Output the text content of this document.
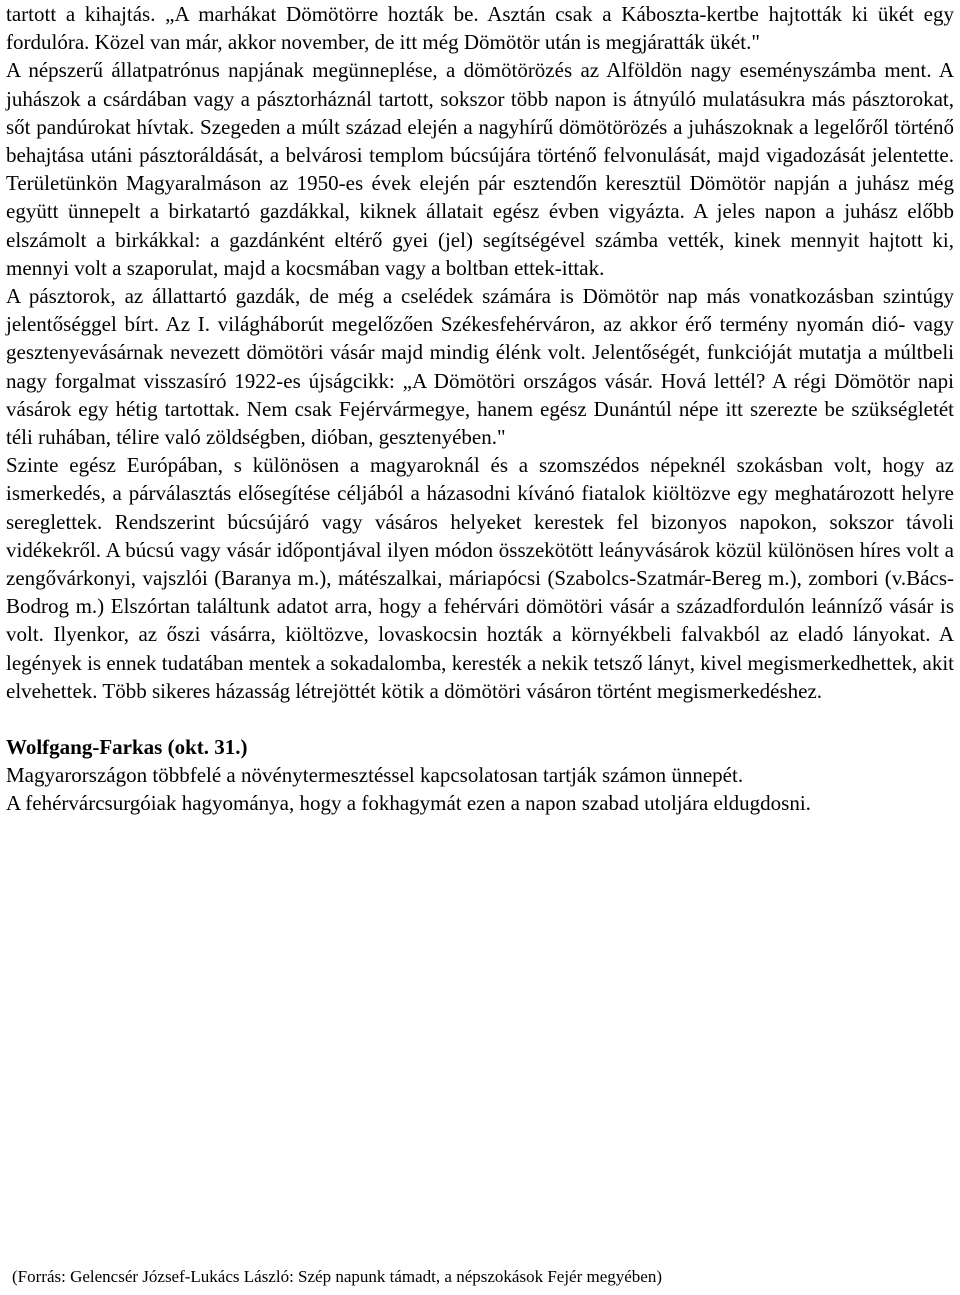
tartott a kihajtás. „A marhákat Dömötörre hozták be. Asztán csak a Kábosztа-kertbe hajtották ki ükét egy fordulóra. Közel van már, akkor november, de itt még Dömötör után is megjáratták ükét."

A népszerű állatpatrónus napjának megünneplése, a dömötörözés az Alföldön nagy eseményszámba ment. A juhászok a csárdában vagy a pásztorháznál tartott, sokszor több napon is átnyúló mulatásukra más pásztorokat, sőt pandúrokat hívtak. Szegeden a múlt század elején a nagyhírű dömötörözés a juhászoknak a legelőről történő behajtása utáni pásztoráldását, a belvárosi templom búcsújára történő felvonulását, majd vigadozását jelentette. Területünkön Magyaralmáson az 1950-es évek elején pár esztendőn keresztül Dömötör napján a juhász még együtt ünnepelt a birkatartó gazdákkal, kiknek állatait egész évben vigyázta. A jeles napon a juhász előbb elszámolt a birkákkal: a gazdánként eltérő gyei (jel) segítségével számba vették, kinek mennyit hajtott ki, mennyi volt a szaporulat, majd a kocsmában vagy a boltban ettek-ittak.

A pásztorok, az állattartó gazdák, de még a cselédek számára is Dömötör nap más vonatkozásban szintúgy jelentőséggel bírt. Az I. világháborút megelőzően Székesfehérváron, az akkor érő termény nyomán dió- vagy gesztenyevásárnak nevezett dömötöri vásár majd mindig élénk volt. Jelentőségét, funkcióját mutatja a múltbeli nagy forgalmat visszasíró 1922-es újságcikk: „A Dömötöri országos vásár. Hová lettél? A régi Dömötör napi vásárok egy hétig tartottak. Nem csak Fejérvármegye, hanem egész Dunántúl népe itt szerezte be szükségletét téli ruhában, télire való zöldségben, dióban, gesztenyében."

Szinte egész Európában, s különösen a magyaroknál és a szomszédos népeknél szokásban volt, hogy az ismerkedés, a párválasztás elősegítése céljából a házasodni kívánó fiatalok kiöltözve egy meghatározott helyre sereglettek. Rendszerint búcsújáró vagy vásáros helyeket kerestek fel bizonyos napokon, sokszor távoli vidékekről. A búcsú vagy vásár időpontjával ilyen módon összekötött leányvásárok közül különösen híres volt a zengővárkonyi, vajszlói (Baranya m.), mátészalkai, máriapócsi (Szabolcs-Szatmár-Bereg m.), zombori (v.Bács-Bodrog m.) Elszórtan találtunk adatot arra, hogy a fehérvári dömötöri vásár a századfordulón leánníző vásár is volt. Ilyenkor, az őszi vásárra, kiöltözve, lovaskocsin hozták a környékbeli falvakból az eladó lányokat. A legények is ennek tudatában mentek a sokadalomba, keresték a nekik tetsző lányt, kivel megismerkedhettek, akit elvehettek. Több sikeres házasság létrejöttét kötik a dömötöri vásáron történt megismerkedéshez.

Wolfgang-Farkas (okt. 31.)

Magyarországon többfelé a növénytermesztéssel kapcsolatosan tartják számon ünnepét.

A fehérvárcsurgóiak hagyománya, hogy a fokhagymát ezen a napon szabad utoljára eldugdosni.

(Forrás: Gelencsér József-Lukács László: Szép napunk támadt, a népszokások Fejér megyében)
